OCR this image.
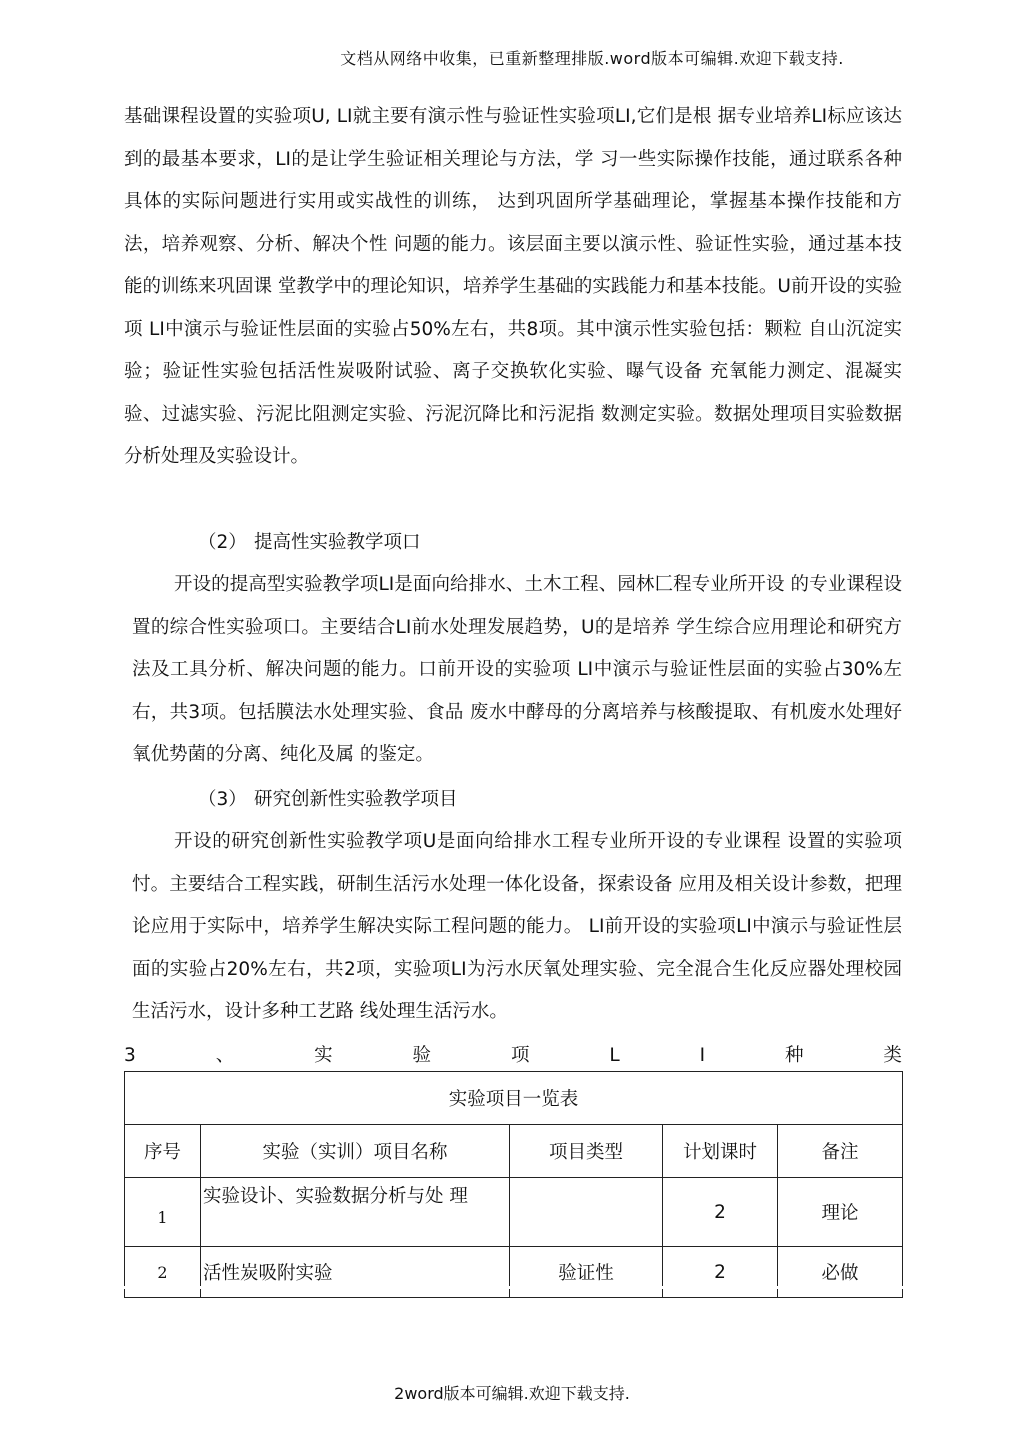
文档从网络中收集，已重新整理排版.word版本可编辑.欢迎下载支持.

基础课程设置的实验项U, LI就主要有演示性与验证性实验项LI,它们是根 据专业培养LI标应该达到的最基本要求，LI的是让学生验证相关理论与方法，学 习一些实际操作技能，通过联系各种具体的实际问题进行实用或实战性的训练， 达到巩固所学基础理论，掌握基本操作技能和方法，培养观察、分析、解决个性 问题的能力。该层面主要以演示性、验证性实验，通过基本技能的训练来巩固课 堂教学中的理论知识，培养学生基础的实践能力和基本技能。U前开设的实验项 LI中演示与验证性层面的实验占50%左右，共8项。其中演示性实验包括：颗粒 自山沉淀实验；验证性实验包括活性炭吸附试验、离子交换软化实验、曝气设备 充氧能力测定、混凝实验、过滤实验、污泥比阻测定实验、污泥沉降比和污泥指 数测定实验。数据处理项目实验数据分析处理及实验设计。

（2） 提高性实验教学项口

开设的提高型实验教学项LI是面向给排水、土木工程、园林匚程专业所开设 的专业课程设置的综合性实验项口。主要结合LI前水处理发展趋势，U的是培养 学生综合应用理论和研究方法及工具分析、解决问题的能力。口前开设的实验项 LI中演示与验证性层面的实验占30%左右，共3项。包括膜法水处理实验、食品 废水中酵母的分离培养与核酸提取、有机废水处理好氧优势菌的分离、纯化及属 的鉴定。

（3） 研究创新性实验教学项目

开设的研究创新性实验教学项U是面向给排水工程专业所开设的专业课程 设置的实验项忖。主要结合工程实践，研制生活污水处理一体化设备，探索设备 应用及相关设计参数，把理论应用于实际中，培养学生解决实际工程问题的能力。 LI前开设的实验项LI中演示与验证性层面的实验占20%左右，共2项，实验项LI为污水厌氧处理实验、完全混合生化反应器处理校园生活污水，设计多种工艺路 线处理生活污水。

3	、	实	验	项	L	I	种	类
实验项目一览表				
序号	实验（实训）项目名称	项目类型	计划课时	备注
1	实验设讣、实验数据分析与处 理		2	理论
2	活性炭吸附实验	验证性	2	必做
2word版本可编辑.欢迎下载支持.
